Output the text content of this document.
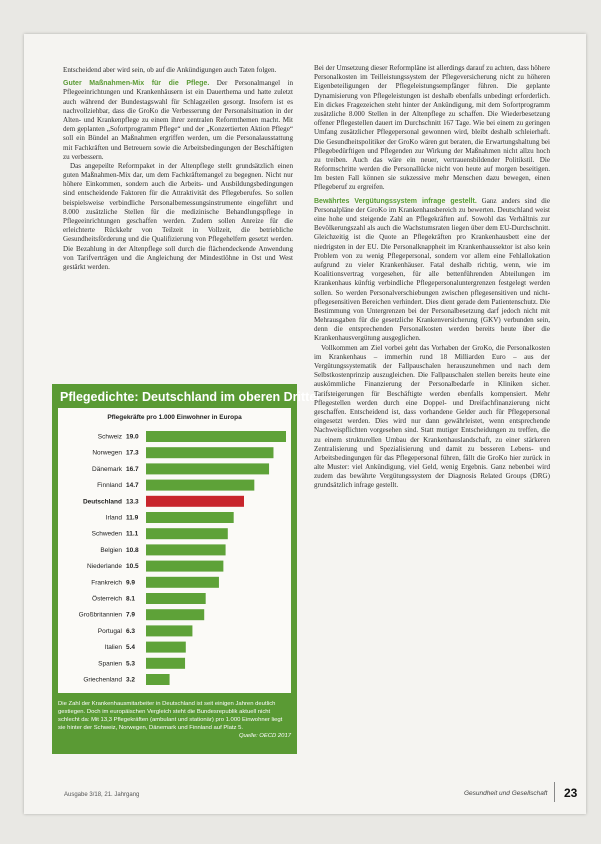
Entscheidend aber wird sein, ob auf die Ankündigungen auch Taten folgen.

Guter Maßnahmen-Mix für die Pflege. Der Personalmangel in Pflegeeinrichtungen und Krankenhäusern ist ein Dauerthema und hatte zuletzt auch während der Bundestagswahl für Schlagzeilen gesorgt. Insofern ist es nachvollziehbar, dass die GroKo die Verbesserung der Personalsituation in der Alten- und Krankenpflege zu einem ihrer zentralen Reformthemen macht. Mit dem geplanten „Sofortprogramm Pflege“ und der „Konzertierten Aktion Pflege“ soll ein Bündel an Maßnahmen ergriffen werden, um die Personalausstattung mit Fachkräften und Betreuern sowie die Arbeitsbedingungen der Beschäftigten zu verbessern.

Das angepeilte Reformpaket in der Altenpflege stellt grundsätzlich einen guten Maßnahmen-Mix dar, um dem Fachkräftemangel zu begegnen. Nicht nur höhere Einkommen, sondern auch die Arbeits- und Ausbildungsbedingungen sind entscheidende Faktoren für die Attraktivität des Pflegeberufes. So sollen beispielsweise verbindliche Personalbemessungsinstrumente eingeführt und 8.000 zusätzliche Stellen für die medizinische Behandlungspflege in Pflegeeinrichtungen geschaffen werden. Zudem sollen Anreize für die erleichterte Rückkehr von Teilzeit in Vollzeit, die betriebliche Gesundheitsförderung und die Qualifizierung von Pflegehelfern gesetzt werden. Die Bezahlung in der Altenpflege soll durch die flächendeckende Anwendung von Tarifverträgen und die Angleichung der Mindestlöhne in Ost und West gestärkt werden.

Pflegedichte: Deutschland im oberen Drittel
Pflegekräfte pro 1.000 Einwohner in Europa
Schweiz 19.0
Norwegen 17.3
Dänemark 16.7
Finnland 14.7
Deutschland 13.3
Irland 11.9
Schweden 11.1
Belgien 10.8
Niederlande 10.5
Frankreich 9.9
Österreich 8.1
Großbritannien 7.9
Portugal 6.3
Italien 5.4
Spanien 5.3
Griechenland 3.2
Die Zahl der Krankenhausmitarbeiter in Deutschland ist seit einigen Jahren deutlich gestiegen. Doch im europäischen Vergleich steht die Bundesrepublik aktuell nicht schlecht da: Mit 13,3 Pflegekräften (ambulant und stationär) pro 1.000 Einwohner liegt sie hinter der Schweiz, Norwegen, Dänemark und Finnland auf Platz 5.
Quelle: OECD 2017

Bei der Umsetzung dieser Reformpläne ist allerdings darauf zu achten, dass höhere Personalkosten im Teilleistungssystem der Pflegeversicherung nicht zu höheren Eigenbeteiligungen der Pflegeleistungsempfänger führen. Die geplante Dynamisierung von Pflegeleistungen ist deshalb ebenfalls unbedingt erforderlich. Ein dickes Fragezeichen steht hinter der Ankündigung, mit dem Sofortprogramm zusätzliche 8.000 Stellen in der Altenpflege zu schaffen. Die Wiederbesetzung offener Pflegestellen dauert im Durchschnitt 167 Tage. Wie bei einem zu geringen Umfang zusätzlicher Pflegepersonal gewonnen wird, bleibt deshalb schleierhaft. Die Gesundheitspolitiker der GroKo wären gut beraten, die Erwartungshaltung bei Pflegebedürftigen und Pflegenden zur Wirkung der Maßnahmen nicht allzu hoch zu treiben. Auch das wäre ein neuer, vertrauensbildender Politikstil. Die Reformschritte werden die Personallücke nicht von heute auf morgen beseitigen. Im besten Fall können sie sukzessive mehr Menschen dazu bewegen, einen Pflegeberuf zu ergreifen.

Bewährtes Vergütungssystem infrage gestellt. Ganz anders sind die Personalpläne der GroKo im Krankenhausbereich zu bewerten. Deutschland weist eine hohe und steigende Zahl an Pflegekräften auf. Sowohl das Verhältnis zur Bevölkerungszahl als auch die Wachstumsraten liegen über dem EU-Durchschnitt. Gleichzeitig ist die Quote an Pflegekräften pro Krankenhausbett eine der niedrigsten in der EU. Die Personalknappheit im Krankenhaussektor ist also kein Problem von zu wenig Pflegepersonal, sondern vor allem eine Fehlallokation aufgrund zu vieler Krankenhäuser. Fatal deshalb richtig, wenn, wie im Koalitionsvertrag vorgesehen, für alle bettenführenden Abteilungen im Krankenhaus künftig verbindliche Pflegepersonaluntergrenzen festgelegt werden sollen. So werden Personalverschiebungen zwischen pflegesensitiven und nicht-pflegesensitiven Bereichen verhindert. Dies dient gerade dem Patientenschutz. Die Bestimmung von Untergrenzen bei der Personalbesetzung darf jedoch nicht mit Mehrausgaben für die gesetzliche Krankenversicherung (GKV) verbunden sein, denn die entsprechenden Personalkosten werden bereits heute über die Krankenhausvergütung ausgeglichen.

Vollkommen am Ziel vorbei geht das Vorhaben der GroKo, die Personalkosten im Krankenhaus – immerhin rund 18 Milliarden Euro – aus der Vergütungssystematik der Fallpauschalen herauszunehmen und nach dem Selbstkostenprinzip auszugleichen. Die Fallpauschalen stellen bereits heute eine auskömmliche Finanzierung der Personalbedarfe in Kliniken sicher. Tarifsteigerungen für Beschäftigte werden ebenfalls kompensiert. Mehr Pflegestellen werden durch eine Doppel- und Dreifachfinanzierung nicht geschaffen. Entscheidend ist, dass vorhandene Gelder auch für Pflegepersonal eingesetzt werden. Dies wird nur dann gewährleistet, wenn entsprechende Nachweispflichten vorgesehen sind. Statt mutiger Entscheidungen zu treffen, die zu einem strukturellen Umbau der Krankenhauslandschaft, zu einer stärkeren Zentralisierung und Spezialisierung und damit zu besseren Lebens- und Arbeitsbedingungen für das Pflegepersonal führen, fällt die GroKo hier zurück in alte Muster: viel Ankündigung, viel Geld, wenig Ergebnis. Ganz nebenbei wird zudem das bewährte Vergütungssystem der Diagnosis Related Groups (DRG) grundsätzlich infrage gestellt.

Ausgabe 3/18, 21. Jahrgang	Gesundheit und Gesellschaft 23
